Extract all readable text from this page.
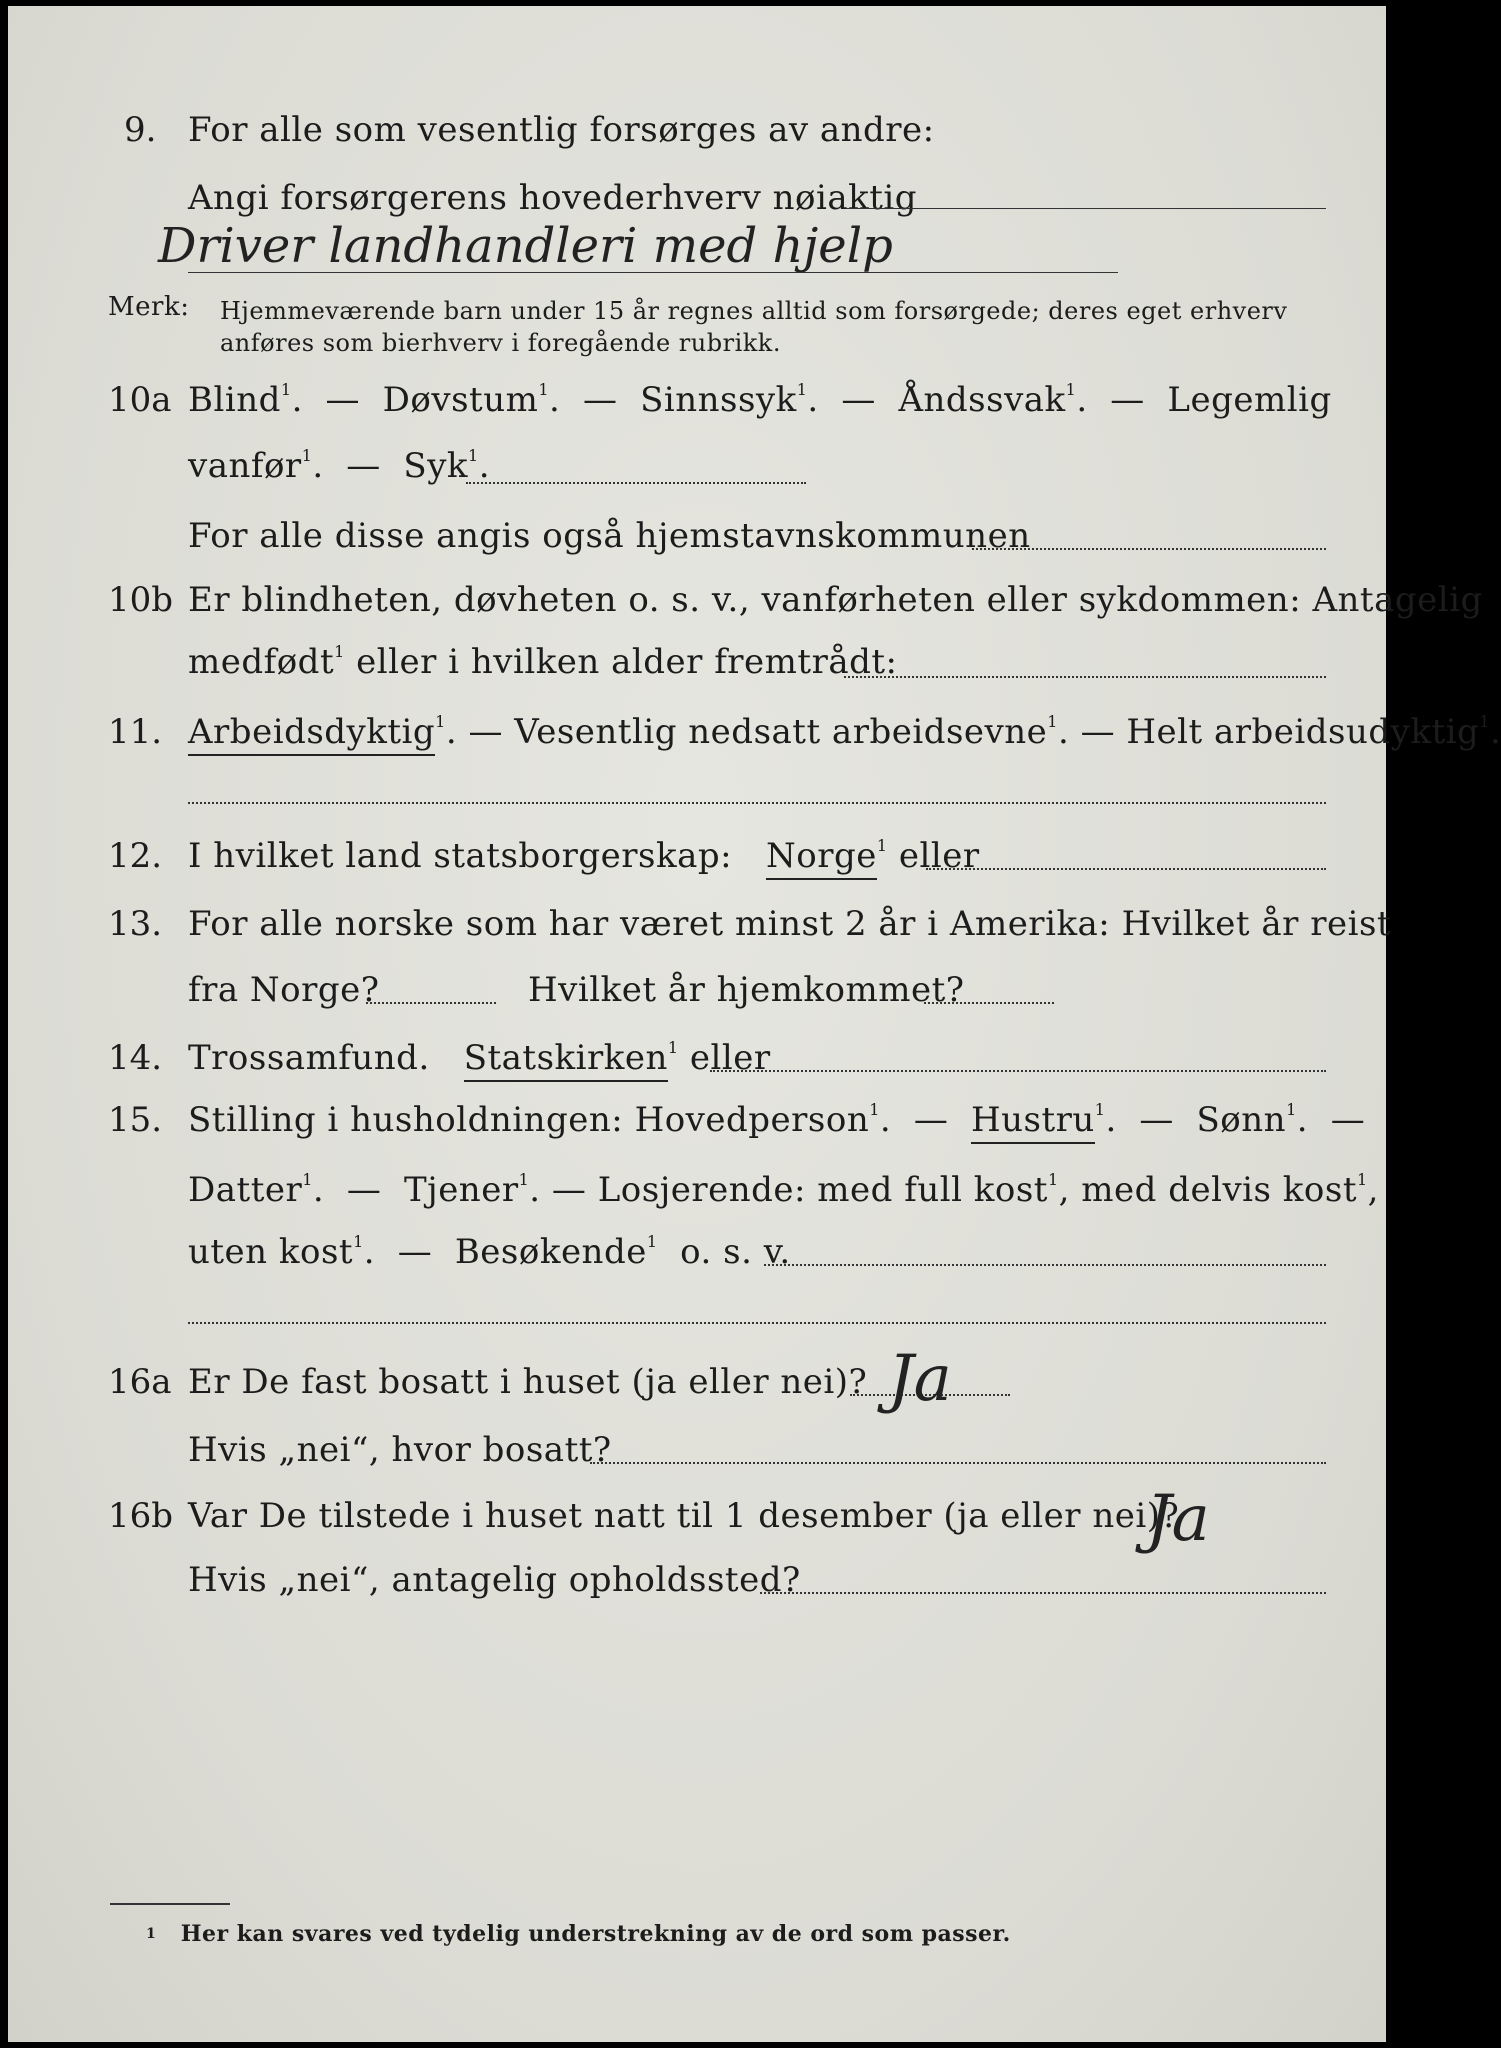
9. For alle som vesentlig forsørges av andre:
Angi forsørgerens hovederhverv nøiaktig
Driver landhandleri med hjelp
Merk: Hjemmeværende barn under 15 år regnes alltid som forsørgede; deres eget erhverv
anføres som bierhverv i foregående rubrikk.
10a Blind$^1$.  —  Døvstum$^1$.  —  Sinnssyk$^1$.  —  Åndssvak$^1$.  —  Legemlig
vanfør$^1$.  —  Syk$^1$.
For alle disse angis også hjemstavnskommunen
10b Er blindheten, døvheten o. s. v., vanførheten eller sykdommen: Antagelig
medfødt$^1$ eller i hvilken alder fremtrådt:
11. Arbeidsdyktig$^1$. — Vesentlig nedsatt arbeidsevne$^1$. — Helt arbeidsudyktig$^1$.
12. I hvilket land statsborgerskap: Norge$^1$ eller
13. For alle norske som har været minst 2 år i Amerika: Hvilket år reist
fra Norge?	Hvilket år hjemkommet?
14. Trossamfund. Statskirken$^1$ eller
15. Stilling i husholdningen: Hovedperson$^1$.  —  Hustru$^1$.  —  Sønn$^1$.  —
Datter$^1$.  —  Tjener$^1$. — Losjerende: med full kost$^1$, med delvis kost$^1$,
uten kost$^1$.  —  Besøkende$^1$ o. s. v.
16a Er De fast bosatt i huset (ja eller nei)? Ja
Hvis „nei“, hvor bosatt?
16b Var De tilstede i huset natt til 1 desember (ja eller nei)?
Ja
Hvis „nei“, antagelig opholdssted?
$^1$ Her kan svares ved tydelig understrekning av de ord som passer.
